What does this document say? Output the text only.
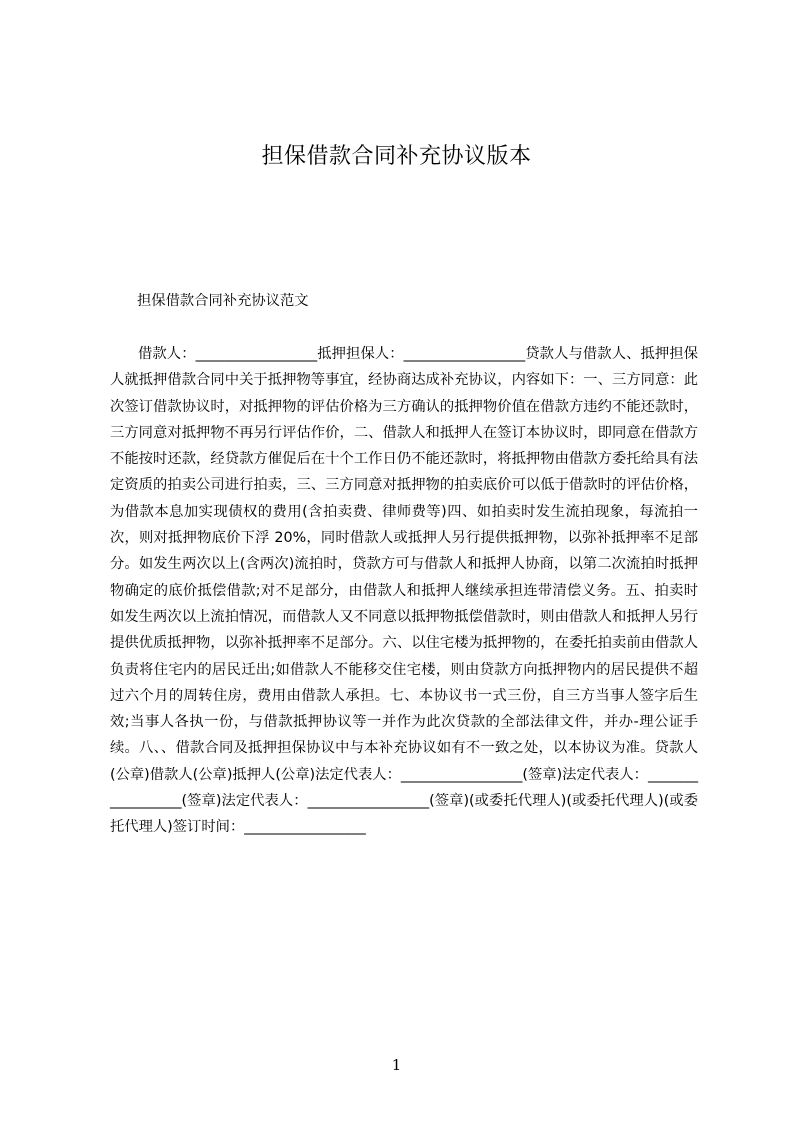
担保借款合同补充协议版本

担保借款合同补充协议范文

借款人：_________________抵押担保人：_________________贷款人与借款人、抵押担保人就抵押借款合同中关于抵押物等事宜，经协商达成补充协议，内容如下：一、三方同意：此次签订借款协议时，对抵押物的评估价格为三方确认的抵押物价值在借款方违约不能还款时，三方同意对抵押物不再另行评估作价，二、借款人和抵押人在签订本协议时，即同意在借款方不能按时还款，经贷款方催促后在十个工作日仍不能还款时，将抵押物由借款方委托给具有法定资质的拍卖公司进行拍卖，三、三方同意对抵押物的拍卖底价可以低于借款时的评估价格，为借款本息加实现债权的费用(含拍卖费、律师费等)四、如拍卖时发生流拍现象，每流拍一次，则对抵押物底价下浮 20%，同时借款人或抵押人另行提供抵押物，以弥补抵押率不足部分。如发生两次以上(含两次)流拍时，贷款方可与借款人和抵押人协商，以第二次流拍时抵押物确定的底价抵偿借款;对不足部分，由借款人和抵押人继续承担连带清偿义务。五、拍卖时如发生两次以上流拍情况，而借款人又不同意以抵押物抵偿借款时，则由借款人和抵押人另行提供优质抵押物，以弥补抵押率不足部分。六、以住宅楼为抵押物的，在委托拍卖前由借款人负责将住宅内的居民迁出;如借款人不能移交住宅楼，则由贷款方向抵押物内的居民提供不超过六个月的周转住房，费用由借款人承担。七、本协议书一式三份，自三方当事人签字后生效;当事人各执一份，与借款抵押协议等一并作为此次贷款的全部法律文件，并办-理公证手续。八、、借款合同及抵押担保协议中与本补充协议如有不一致之处，以本协议为准。贷款人(公章)借款人(公章)抵押人(公章)法定代表人：_________________(签章)法定代表人：_________________(签章)法定代表人：_________________(签章)(或委托代理人)(或委托代理人)(或委托代理人)签订时间：_________________

1
